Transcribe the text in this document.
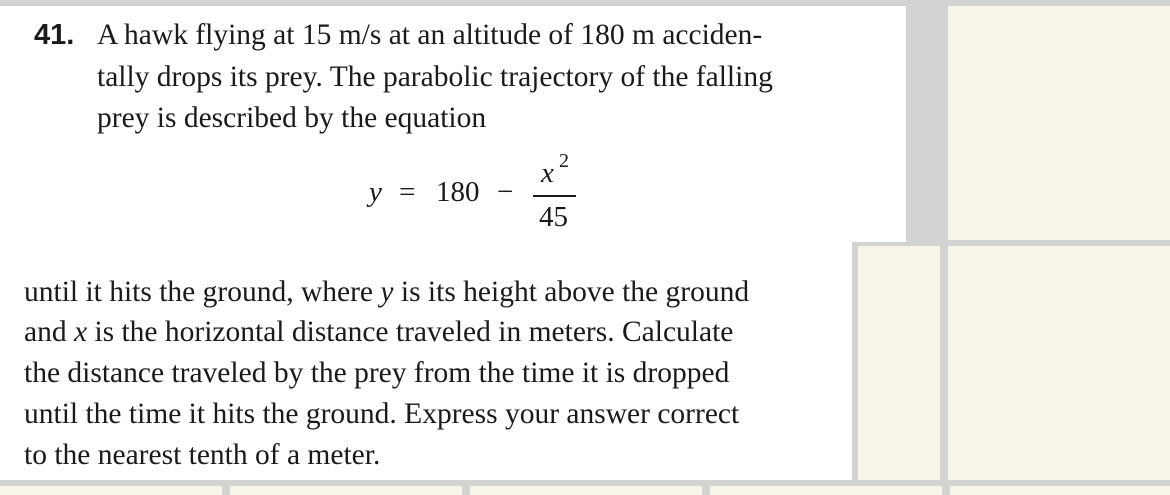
41. A hawk flying at 15 m/s at an altitude of 180 m acciden-
tally drops its prey. The parabolic trajectory of the falling
prey is described by the equation
y = 180 −
x 2
45
until it hits the ground, where y is its height above the ground
and x is the horizontal distance traveled in meters. Calculate
the distance traveled by the prey from the time it is dropped
until the time it hits the ground. Express your answer correct
to the nearest tenth of a meter.
